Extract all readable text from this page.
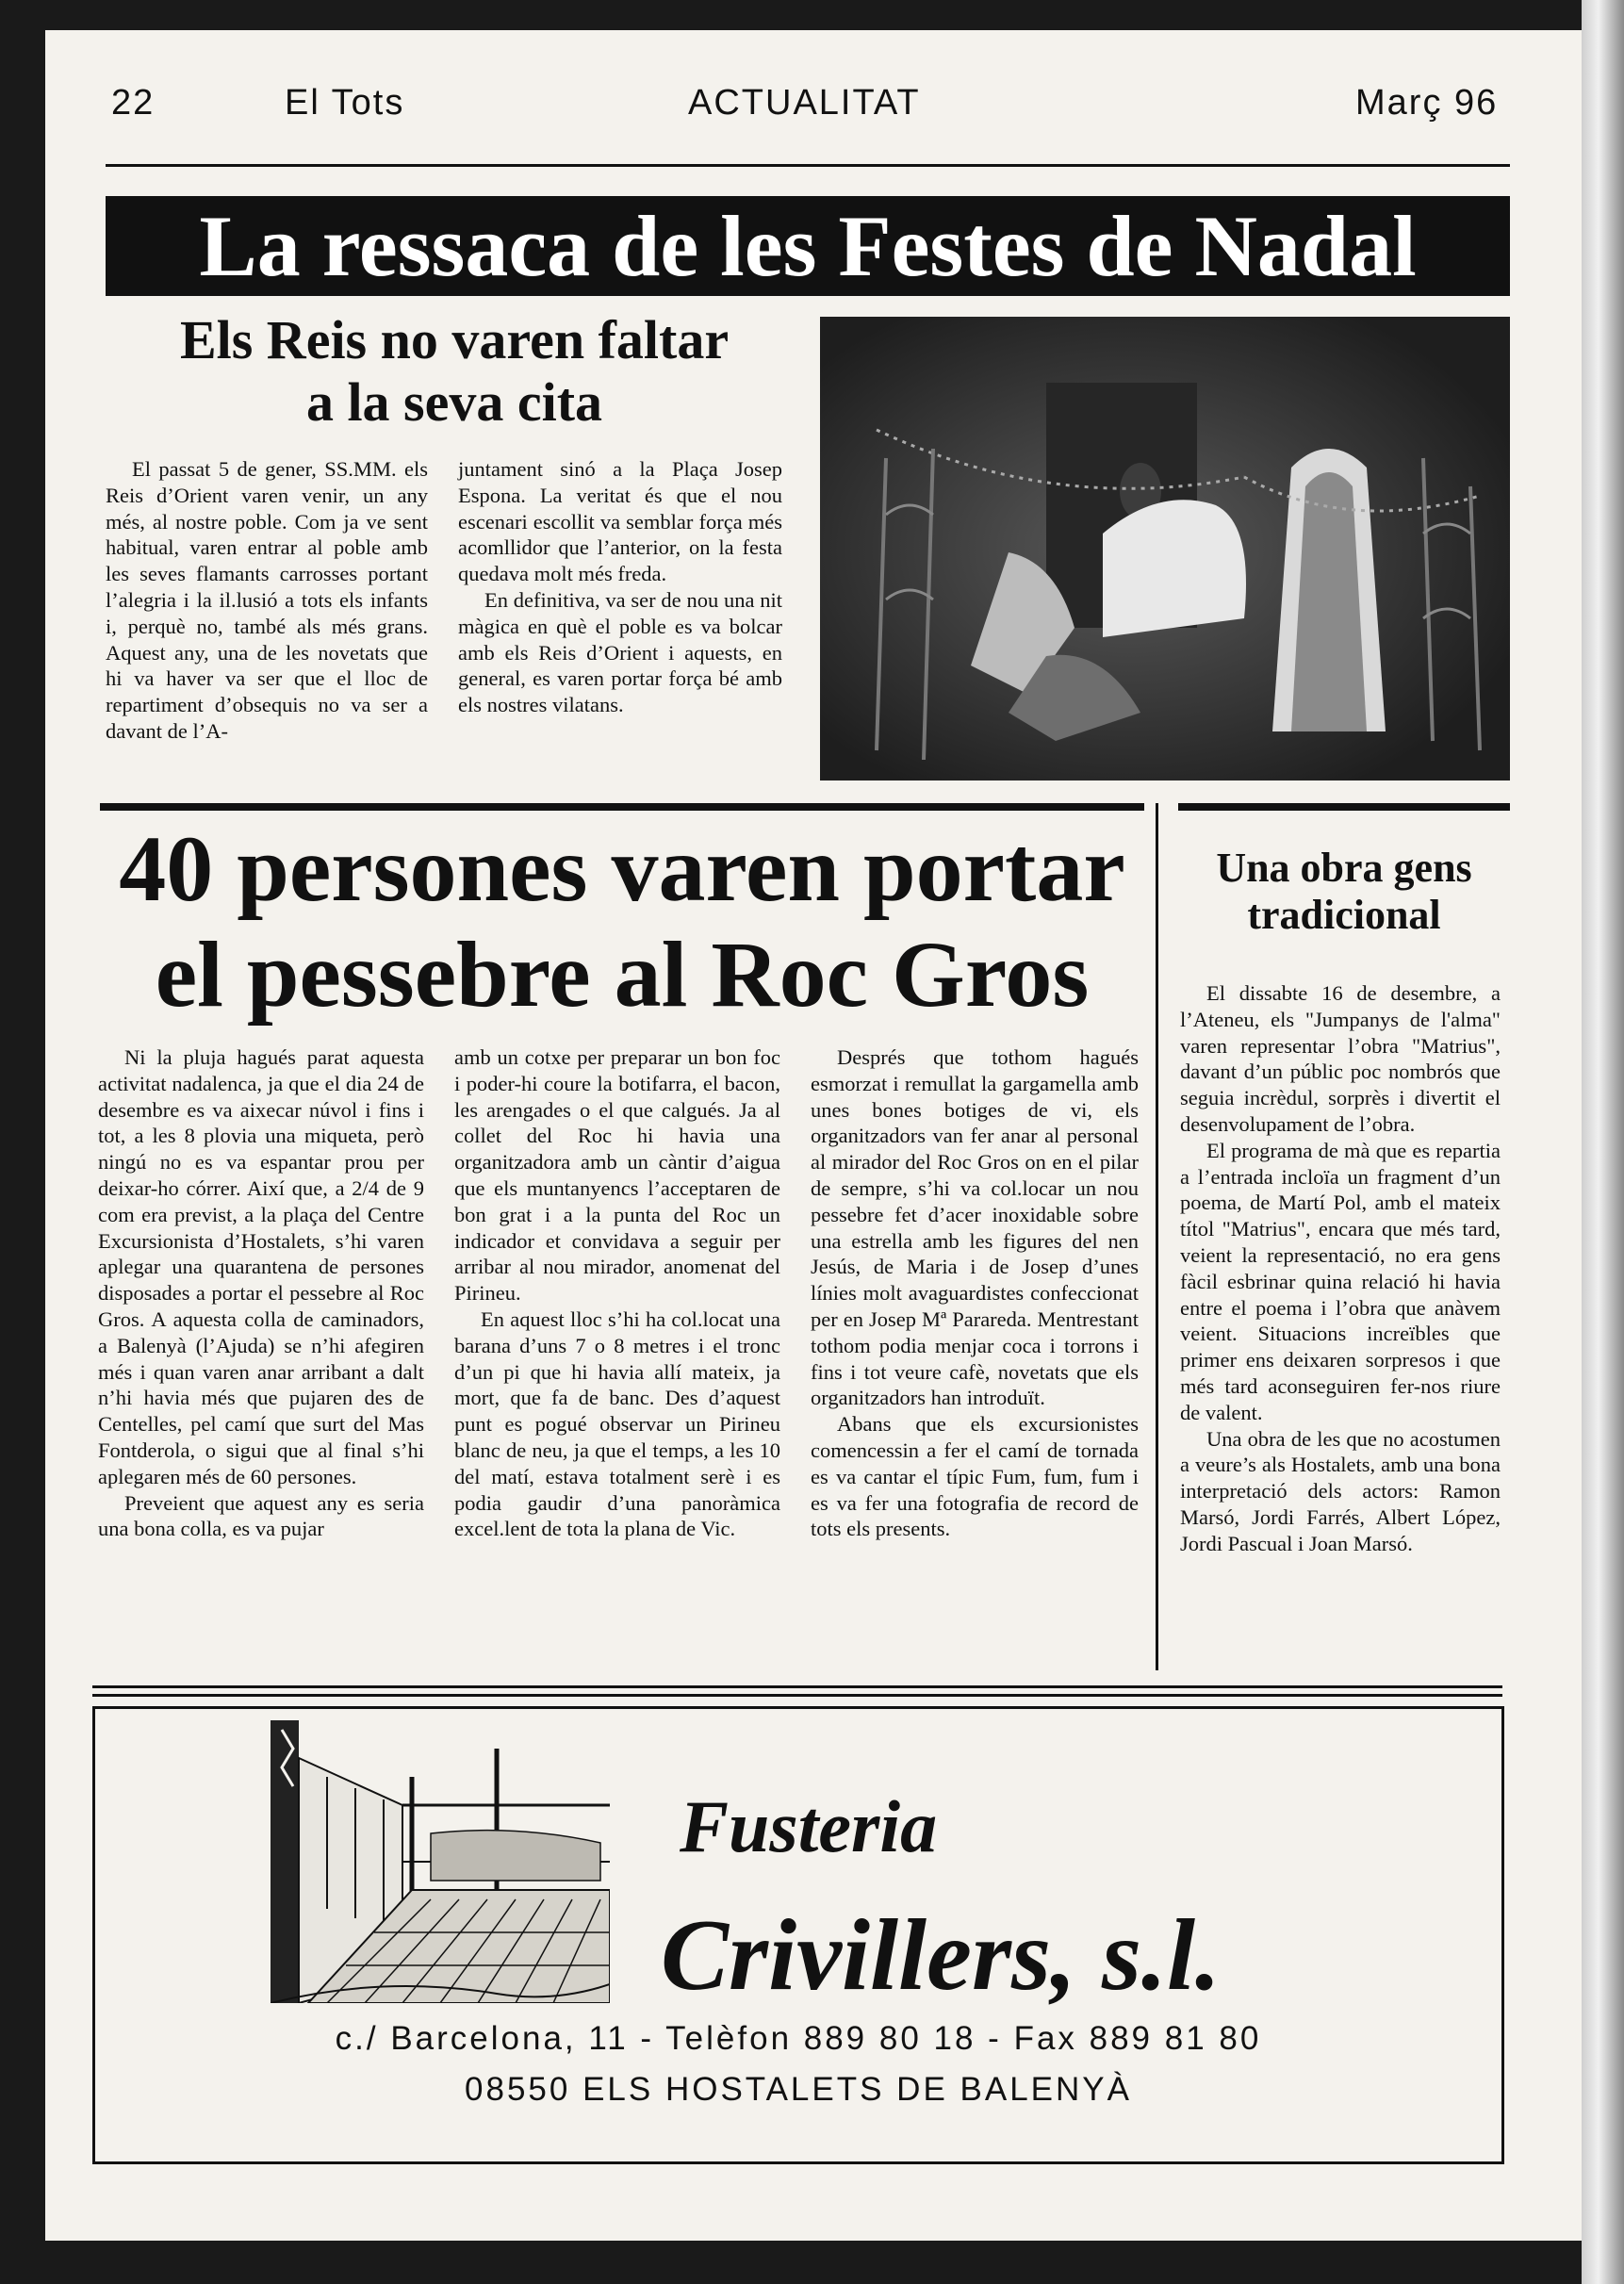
22	El Tots	ACTUALITAT	Març 96
La ressaca de les Festes de Nadal
Els Reis no varen faltar
a la seva cita

El passat 5 de gener, SS.MM. els Reis d’Orient varen venir, un any més, al nostre poble. Com ja ve sent habitual, varen entrar al poble amb les seves flamants carrosses portant l’alegria i la il.lusió a tots els infants i, perquè no, també als més grans. Aquest any, una de les novetats que hi va haver va ser que el lloc de repartiment d’obsequis no va ser a davant de l’A-

juntament sinó a la Plaça Josep Espona. La veritat és que el nou escenari escollit va semblar força més acomllidor que l’anterior, on la festa quedava molt més freda.

En definitiva, va ser de nou una nit màgica en què el poble es va bolcar amb els Reis d’Orient i aquests, en general, es varen portar força bé amb els nostres vilatans.

40 persones varen portar
el pessebre al Roc Gros

Ni la pluja hagués parat aquesta activitat nadalenca, ja que el dia 24 de desembre es va aixecar núvol i fins i tot, a les 8 plovia una miqueta, però ningú no es va espantar prou per deixar-ho córrer. Així que, a 2/4 de 9 com era previst, a la plaça del Centre Excursionista d’Hostalets, s’hi varen aplegar una quarantena de persones disposades a portar el pessebre al Roc Gros. A aquesta colla de caminadors, a Balenyà (l’Ajuda) se n’hi afegiren més i quan varen anar arribant a dalt n’hi havia més que pujaren des de Centelles, pel camí que surt del Mas Fontderola, o sigui que al final s’hi aplegaren més de 60 persones.

Preveient que aquest any es seria una bona colla, es va pujar

amb un cotxe per preparar un bon foc i poder-hi coure la botifarra, el bacon, les arengades o el que calgués. Ja al collet del Roc hi havia una organitzadora amb un càntir d’aigua que els muntanyencs l’acceptaren de bon grat i a la punta del Roc un indicador et convidava a seguir per arribar al nou mirador, anomenat del Pirineu.

En aquest lloc s’hi ha col.locat una barana d’uns 7 o 8 metres i el tronc d’un pi que hi havia allí mateix, ja mort, que fa de banc. Des d’aquest punt es pogué observar un Pirineu blanc de neu, ja que el temps, a les 10 del matí, estava totalment serè i es podia gaudir d’una panoràmica excel.lent de tota la plana de Vic.

Després que tothom hagués esmorzat i remullat la gargamella amb unes bones botiges de vi, els organitzadors van fer anar al personal al mirador del Roc Gros on en el pilar de sempre, s’hi va col.locar un nou pessebre fet d’acer inoxidable sobre una estrella amb les figures del nen Jesús, de Maria i de Josep d’unes línies molt avaguardistes confeccionat per en Josep Mª Parareda. Mentrestant tothom podia menjar coca i torrons i fins i tot veure cafè, novetats que els organitzadors han introduït.

Abans que els excursionistes comencessin a fer el camí de tornada es va cantar el típic Fum, fum, fum i es va fer una fotografia de record de tots els presents.

Una obra gens
tradicional

El dissabte 16 de desembre, a l’Ateneu, els "Jumpanys de l'alma" varen representar l’obra "Matrius", davant d’un públic poc nombrós que seguia incrèdul, sorprès i divertit el desenvolupament de l’obra.

El programa de mà que es repartia a l’entrada incloïa un fragment d’un poema, de Martí Pol, amb el mateix títol "Matrius", encara que més tard, veient la representació, no era gens fàcil esbrinar quina relació hi havia entre el poema i l’obra que anàvem veient. Situacions increïbles que primer ens deixaren sorpresos i que més tard aconseguiren fer-nos riure de valent.

Una obra de les que no acostumen a veure’s als Hostalets, amb una bona interpretació dels actors: Ramon Marsó, Jordi Farrés, Albert López, Jordi Pascual i Joan Marsó.

Fusteria
Crivillers, s.l.
c./ Barcelona, 11 - Telèfon 889 80 18 - Fax 889 81 80
08550 ELS HOSTALETS DE BALENYÀ
